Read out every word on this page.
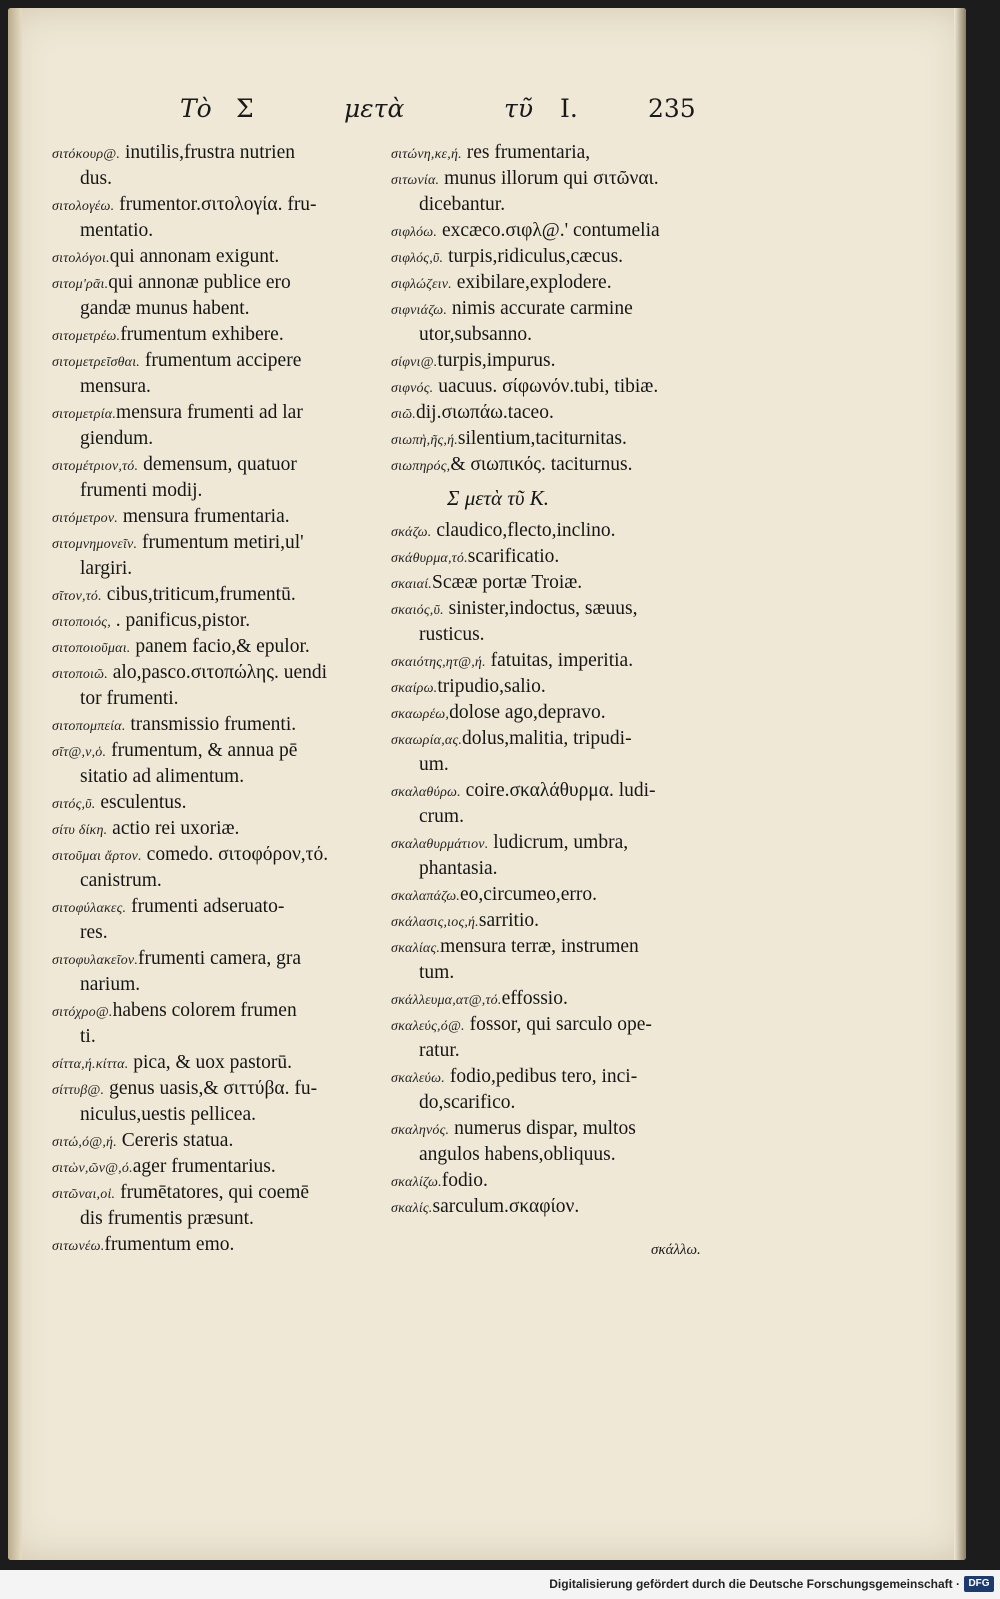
Τὸ Σ	μετὰ	τῦ Ι.	235
σιτόκουρ@. inutilis,frustra nutrien
dus.
σιτολογέω. frumentor.σιτολογία. fru-
mentatio.
σιτολόγοι.qui annonam exigunt.
σιτομ'ρᾶι.qui annonæ publice ero
gandæ munus habent.
σιτομετρέω.frumentum exhibere.
σιτομετρεῖσθαι. frumentum accipere
mensura.
σιτομετρία.mensura frumenti ad lar
giendum.
σιτομέτριον,τό. demensum, quatuor
frumenti modij.
σιτόμετρον. mensura frumentaria.
σιτομνημονεῖν. frumentum metiri,ul'
largiri.
σῖτον,τό. cibus,triticum,frumentū.
σιτοποιός, . panificus,pistor.
σιτοποιοῦμαι. panem facio,& epulor.
σιτοποιῶ. alo,pasco.σιτοπώλης. uendi
tor frumenti.
σιτοπομπεία. transmissio frumenti.
σῖτ@,ν,ὁ. frumentum, & annua pē
sitatio ad alimentum.
σιτός,ῦ. esculentus.
σίτυ δίκη. actio rei uxoriæ.
σιτοῦμαι ἄρτον. comedo. σιτοφόρον,τό.
canistrum.
σιτοφύλακες. frumenti adseruato-
res.
σιτοφυλακεῖον.frumenti camera, gra
narium.
σιτόχρο@.habens colorem frumen
ti.
σίττα,ή.κίττα. pica, & uox pastorū.
σίττυβ@. genus uasis,& σιττύβα. fu-
niculus,uestis pellicea.
σιτώ,ό@,ή. Cereris statua.
σιτὼν,ῶν@,ό.ager frumentarius.
σιτῶναι,οἱ. frumētatores, qui coemē
dis frumentis præsunt.
σιτωνέω.frumentum emo.
σιτώνη,κε,ή. res frumentaria,
σιτωνία. munus illorum qui σιτῶναι.
dicebantur.
σιφλόω. excæco.σιφλ@.' contumelia
σιφλός,ῦ. turpis,ridiculus,cæcus.
σιφλώζειν. exibilare,explodere.
σιφνιάζω. nimis accurate carmine
utor,subsanno.
σίφνι@.turpis,impurus.
σιφνός. uacuus. σίφωνόν.tubi, tibiæ.
σιῶ.dij.σιωπάω.taceo.
σιωπὴ,ῆς,ή.silentium,taciturnitas.
σιωπηρός,& σιωπικός. taciturnus.
Σ μετὰ τῦ Κ.
σκάζω. claudico,flecto,inclino.
σκάθυρμα,τό.scarificatio.
σκαιαί.Scææ portæ Troiæ.
σκαιός,ῦ. sinister,indoctus, sæuus,
rusticus.
σκαιότης,ητ@,ή. fatuitas, imperitia.
σκαίρω.tripudio,salio.
σκαωρέω,dolose ago,depravo.
σκαωρία,ας.dolus,malitia, tripudi-
um.
σκαλαθύρω. coire.σκαλάθυρμα. ludi-
crum.
σκαλαθυρμάτιον. ludicrum, umbra,
phantasia.
σκαλαπάζω.eo,circumeo,erro.
σκάλασις,ιος,ή.sarritio.
σκαλίας.mensura terræ, instrumen
tum.
σκάλλευμα,ατ@,τό.effossio.
σκαλεύς,ό@. fossor, qui sarculo ope-
ratur.
σκαλεύω. fodio,pedibus tero, inci-
do,scarifico.
σκαληνός. numerus dispar, multos
angulos habens,obliquus.
σκαλίζω.fodio.
σκαλίς.sarculum.σκαφίον.
σκάλλω.
Digitalisierung gefördert durch die Deutsche Forschungsgemeinschaft · DFG
